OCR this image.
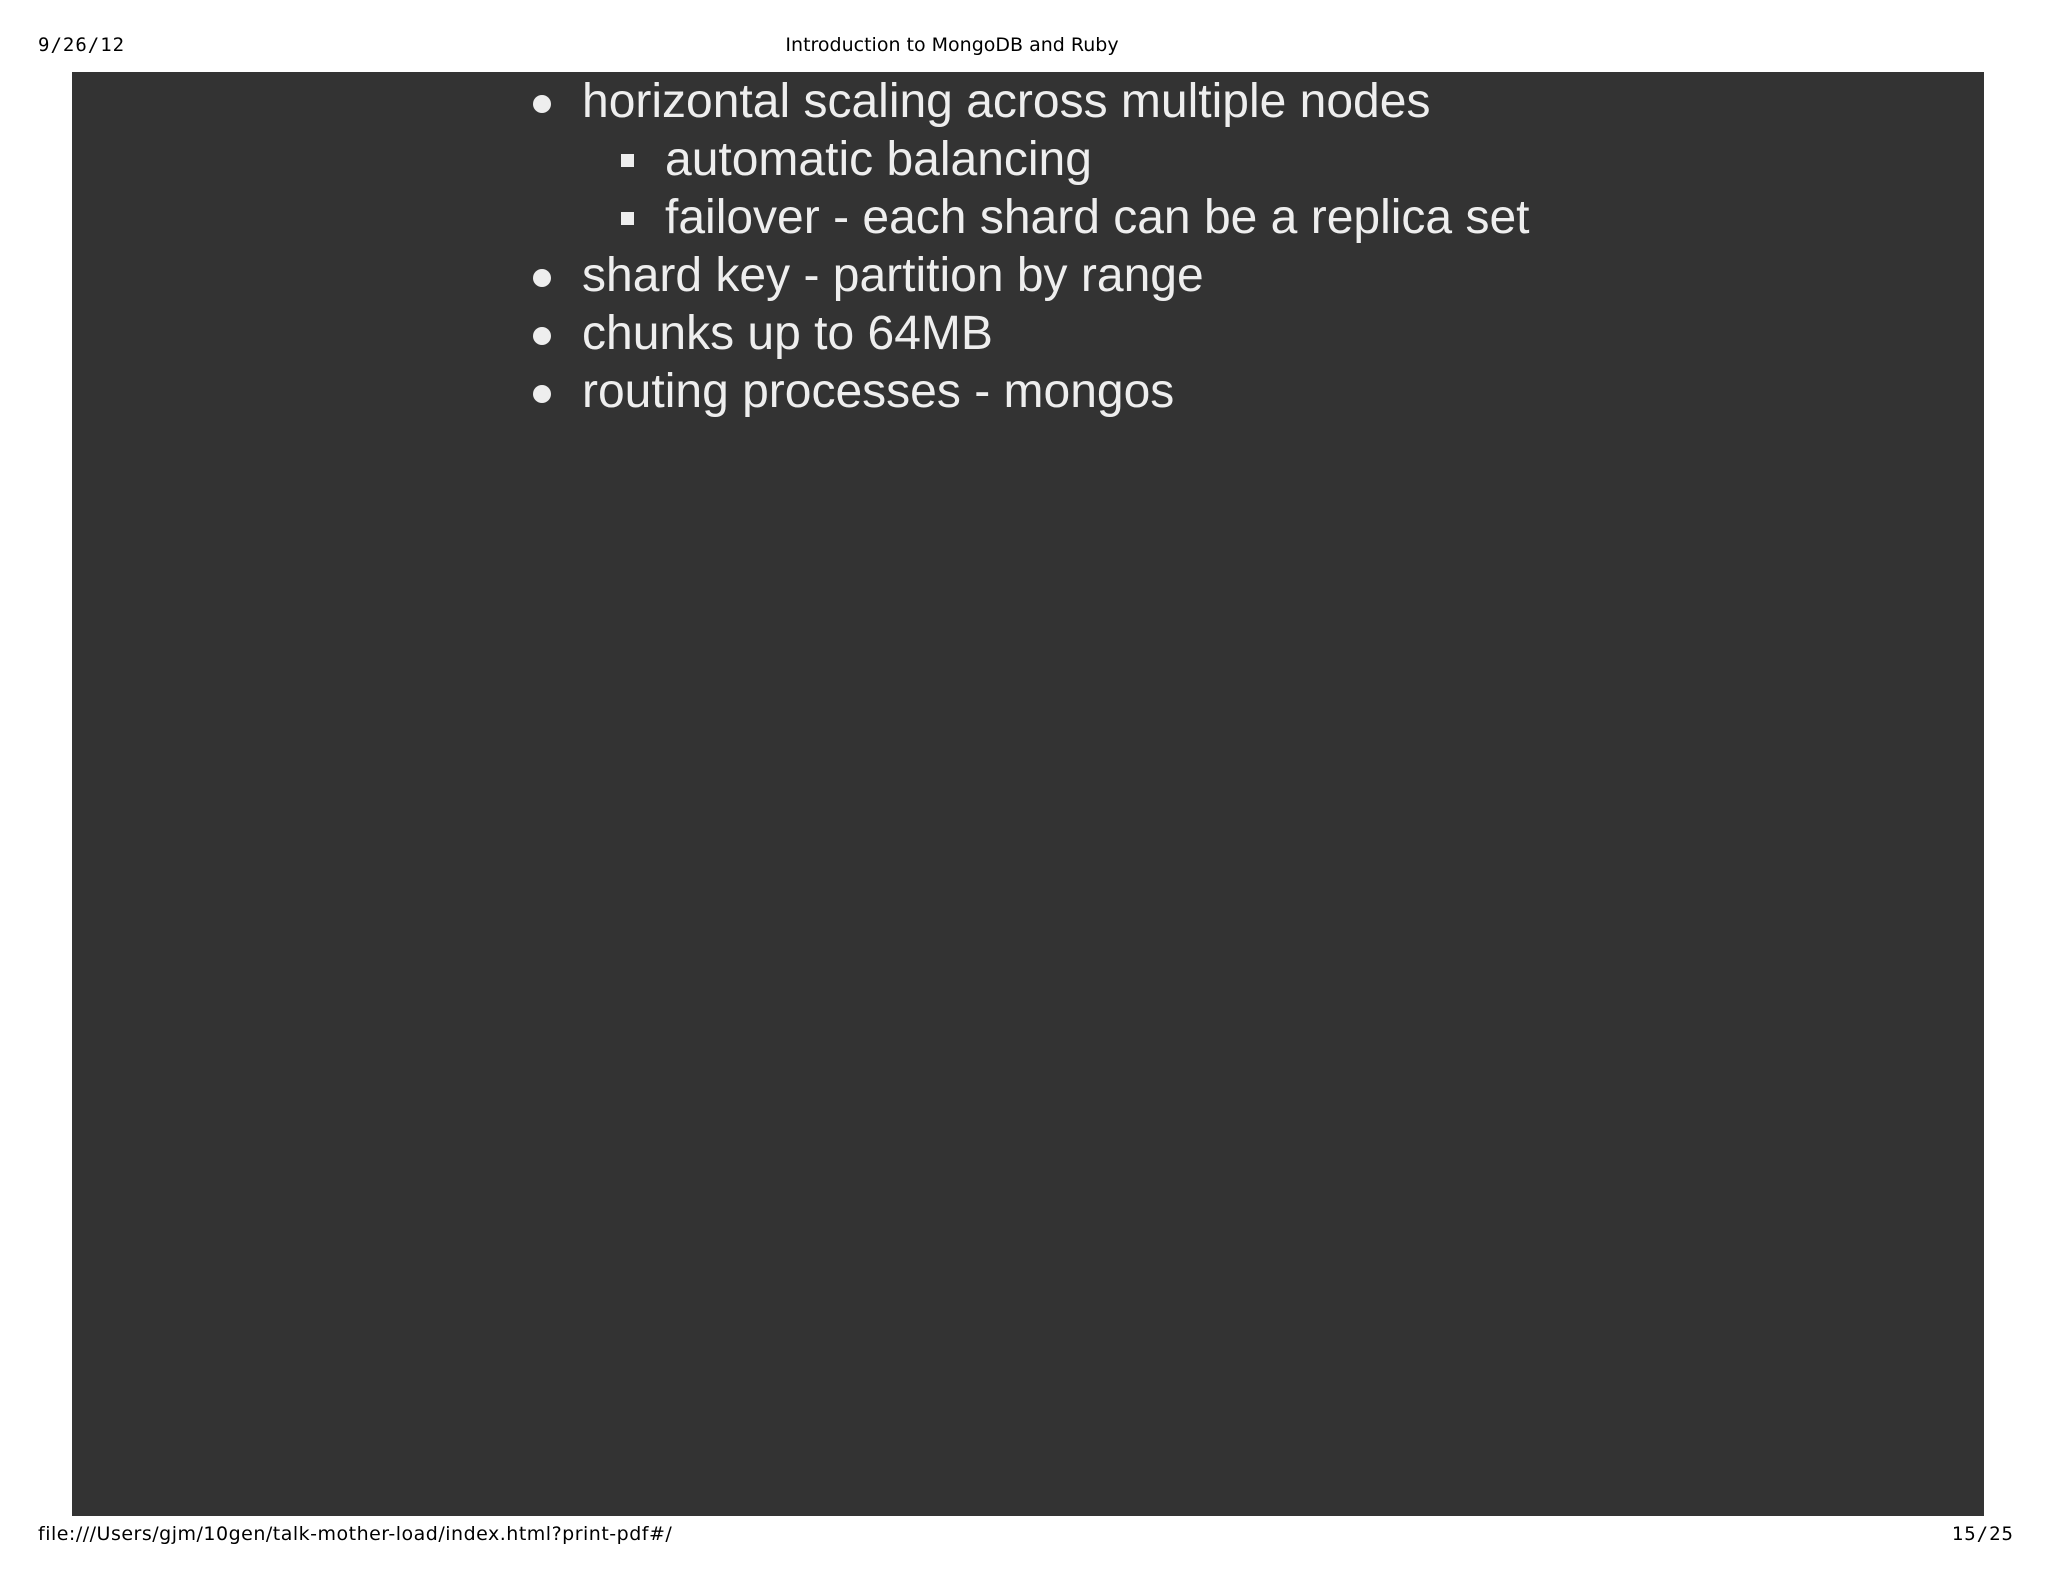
9/26/12	Introduction to MongoDB and Ruby
horizontal scaling across multiple nodes
automatic balancing
failover - each shard can be a replica set
shard key - partition by range
chunks up to 64MB
routing processes - mongos
file:///Users/gjm/10gen/talk-mother-load/index.html?print-pdf#/	15/25
